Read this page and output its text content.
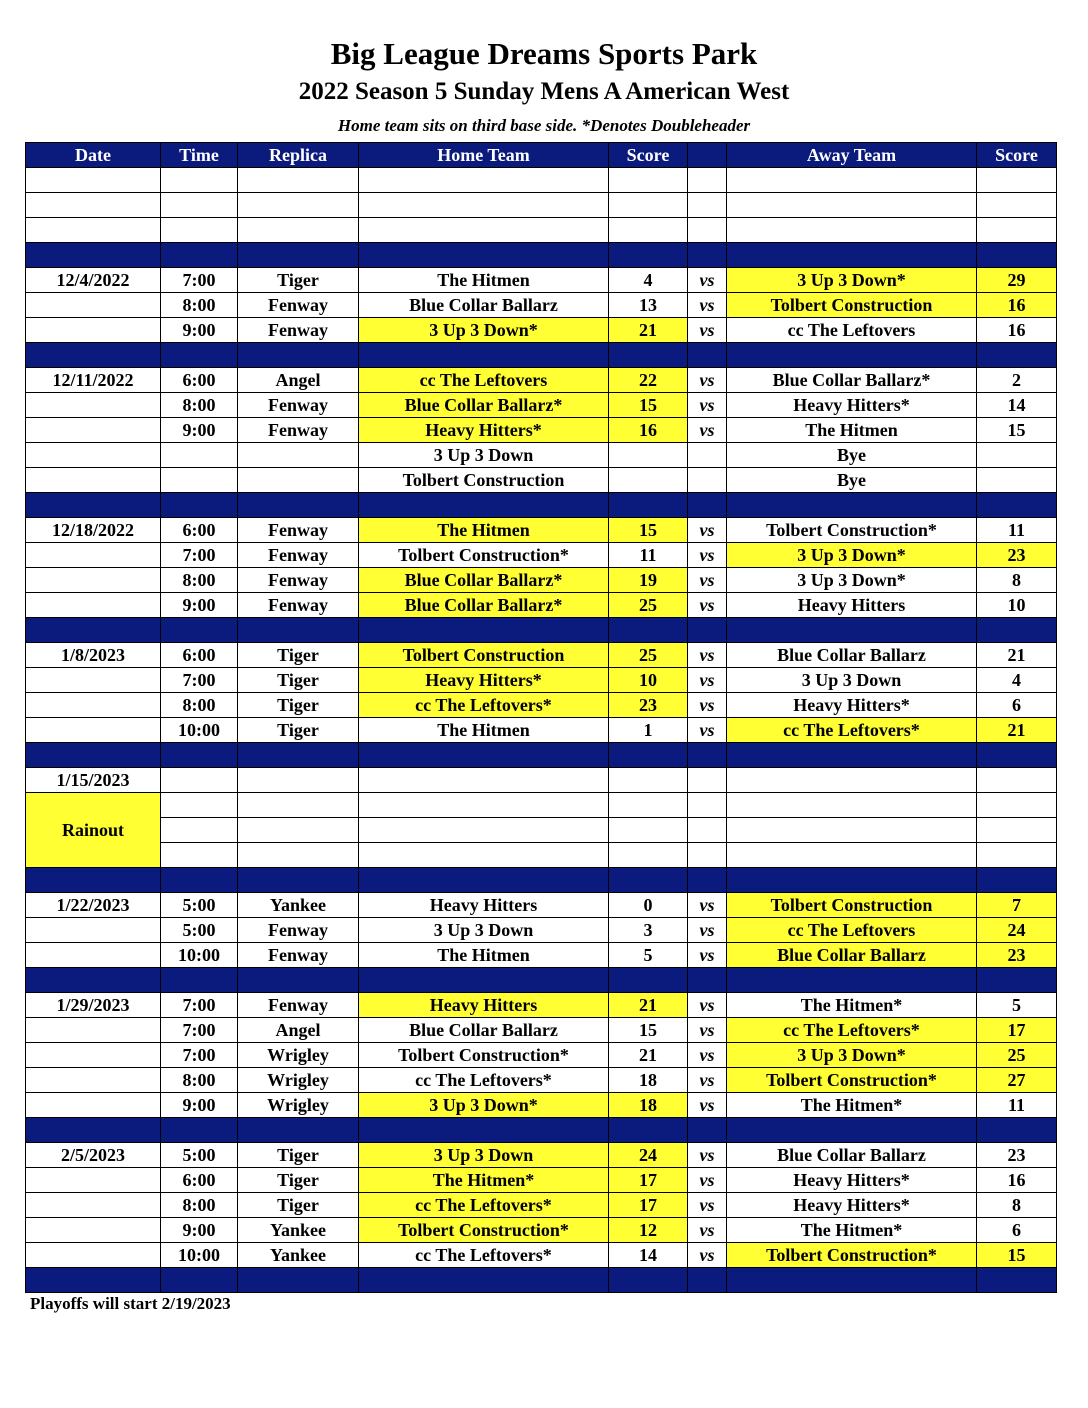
Big League Dreams Sports Park
2022 Season 5 Sunday Mens A American West
Home team sits on third base side. *Denotes Doubleheader
Date	Time	Replica	Home Team	Score		Away Team	Score

12/4/2022	7:00	Tiger	The Hitmen	4	vs	3 Up 3 Down*	29
	8:00	Fenway	Blue Collar Ballarz	13	vs	Tolbert Construction	16
	9:00	Fenway	3 Up 3 Down*	21	vs	cc The Leftovers	16

12/11/2022	6:00	Angel	cc The Leftovers	22	vs	Blue Collar Ballarz*	2
	8:00	Fenway	Blue Collar Ballarz*	15	vs	Heavy Hitters*	14
	9:00	Fenway	Heavy Hitters*	16	vs	The Hitmen	15
			3 Up 3 Down			Bye	
			Tolbert Construction			Bye	

12/18/2022	6:00	Fenway	The Hitmen	15	vs	Tolbert Construction*	11
	7:00	Fenway	Tolbert Construction*	11	vs	3 Up 3 Down*	23
	8:00	Fenway	Blue Collar Ballarz*	19	vs	3 Up 3 Down*	8
	9:00	Fenway	Blue Collar Ballarz*	25	vs	Heavy Hitters	10

1/8/2023	6:00	Tiger	Tolbert Construction	25	vs	Blue Collar Ballarz	21
	7:00	Tiger	Heavy Hitters*	10	vs	3 Up 3 Down	4
	8:00	Tiger	cc The Leftovers*	23	vs	Heavy Hitters*	6
	10:00	Tiger	The Hitmen	1	vs	cc The Leftovers*	21

1/15/2023							
Rainout							

1/22/2023	5:00	Yankee	Heavy Hitters	0	vs	Tolbert Construction	7
	5:00	Fenway	3 Up 3 Down	3	vs	cc The Leftovers	24
	10:00	Fenway	The Hitmen	5	vs	Blue Collar Ballarz	23

1/29/2023	7:00	Fenway	Heavy Hitters	21	vs	The Hitmen*	5
	7:00	Angel	Blue Collar Ballarz	15	vs	cc The Leftovers*	17
	7:00	Wrigley	Tolbert Construction*	21	vs	3 Up 3 Down*	25
	8:00	Wrigley	cc The Leftovers*	18	vs	Tolbert Construction*	27
	9:00	Wrigley	3 Up 3 Down*	18	vs	The Hitmen*	11

2/5/2023	5:00	Tiger	3 Up 3 Down	24	vs	Blue Collar Ballarz	23
	6:00	Tiger	The Hitmen*	17	vs	Heavy Hitters*	16
	8:00	Tiger	cc The Leftovers*	17	vs	Heavy Hitters*	8
	9:00	Yankee	Tolbert Construction*	12	vs	The Hitmen*	6
	10:00	Yankee	cc The Leftovers*	14	vs	Tolbert Construction*	15

Playoffs will start 2/19/2023
